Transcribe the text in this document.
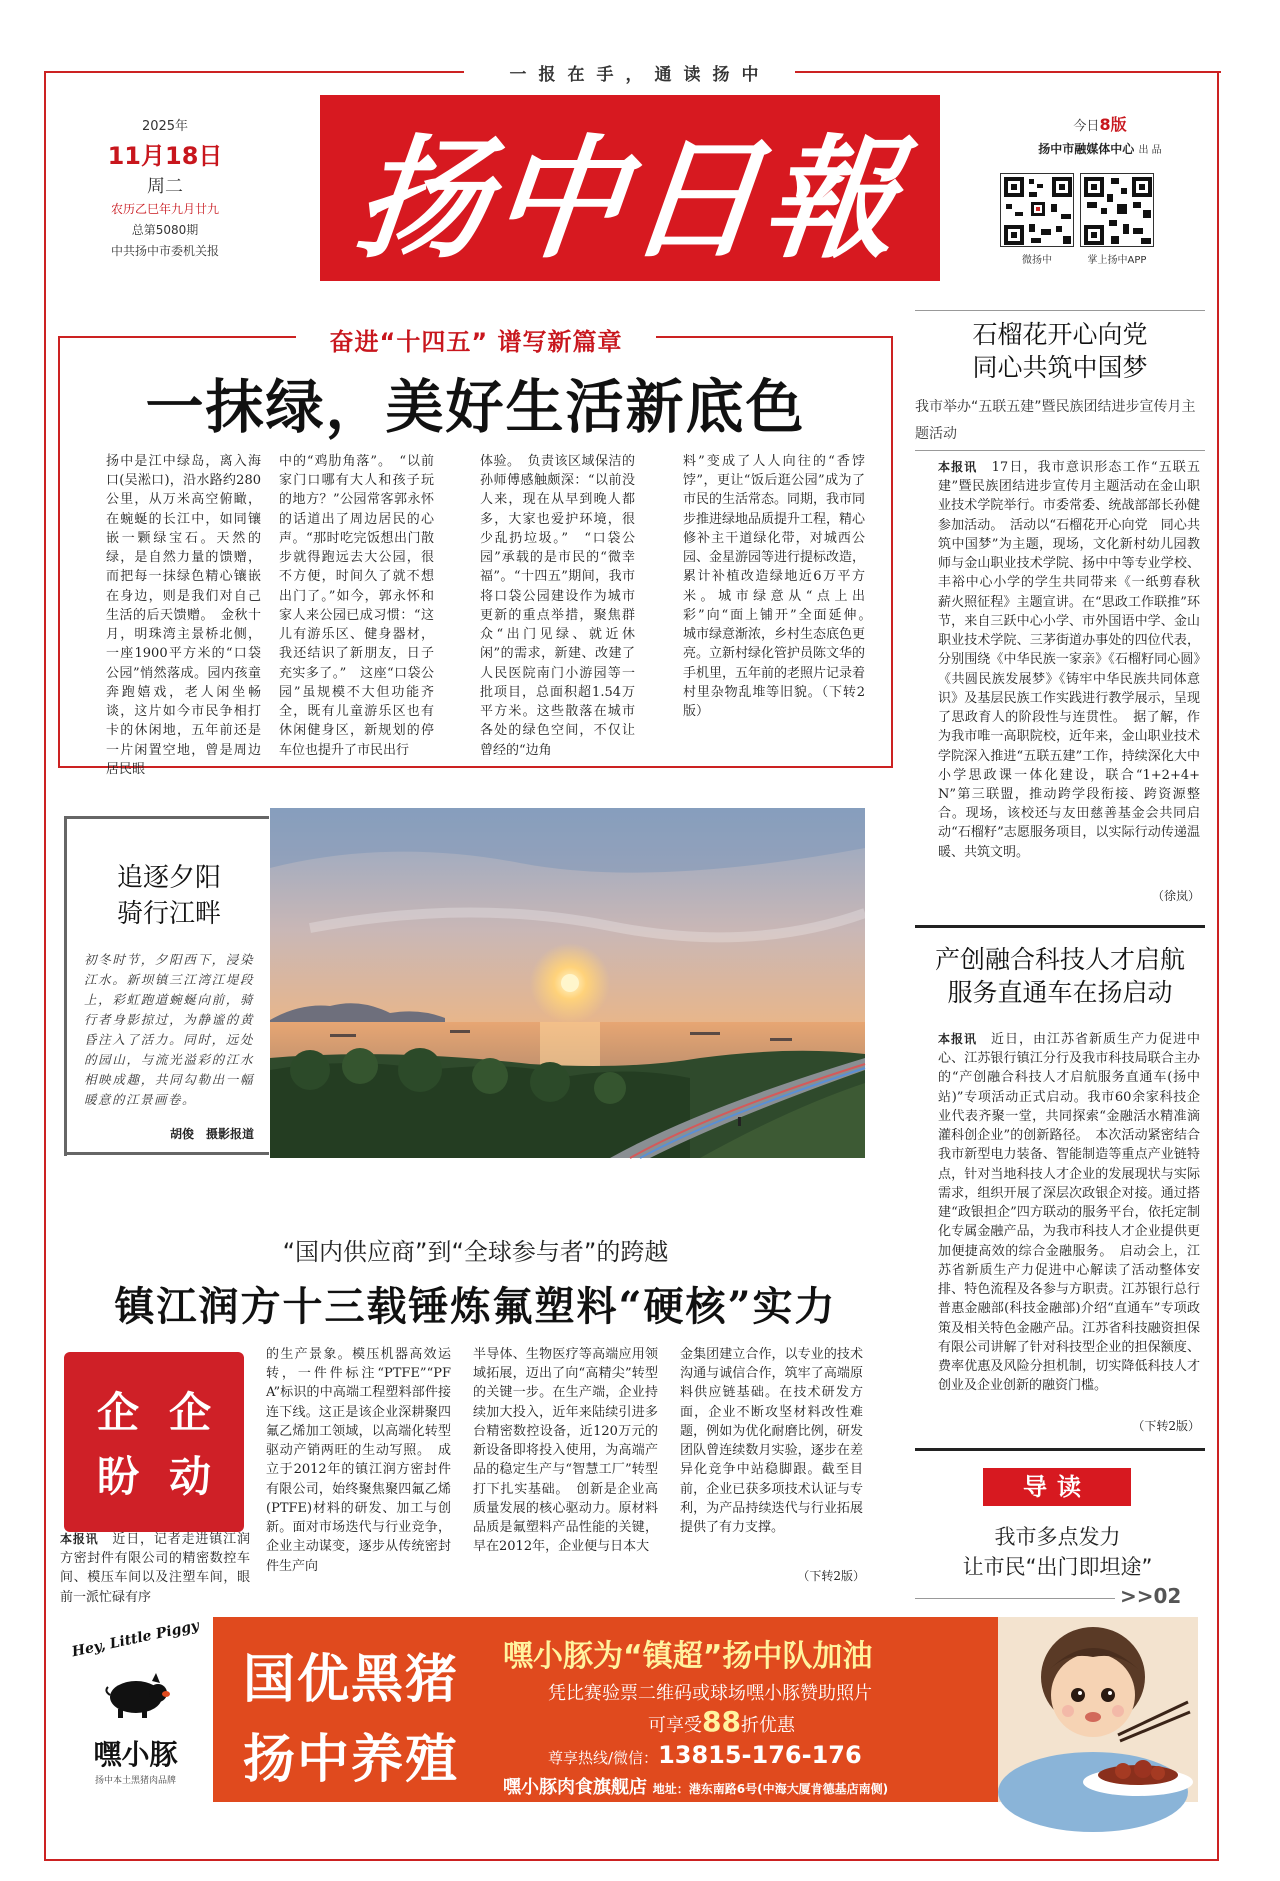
一报在手，通读扬中
2025年
11月18日
周二
农历乙巳年九月廿九
总第5080期
中共扬中市委机关报 扬中日報	今日8版
扬中市融媒体中心 出 品
微扬中	掌上扬中APP
奋进“十四五” 谱写新篇章
一抹绿，美好生活新底色
扬中是江中绿岛，离入海口(吴淞口)，沿水路约280公里，从万米高空俯瞰，在蜿蜒的长江中，如同镶嵌一颗绿宝石。天然的绿，是自然力量的馈赠，而把每一抹绿色精心镶嵌在身边，则是我们对自己生活的后天馈赠。　金秋十月，明珠湾主景桥北侧，一座1900平方米的“口袋公园”悄然落成。园内孩童奔跑嬉戏，老人闲坐畅谈，这片如今市民争相打卡的休闲地，五年前还是一片闲置空地，曾是周边居民眼
中的“鸡肋角落”。　“以前家门口哪有大人和孩子玩的地方？”公园常客郭永怀的话道出了周边居民的心声。“那时吃完饭想出门散步就得跑远去大公园，很不方便，时间久了就不想出门了。”如今，郭永怀和家人来公园已成习惯：“这儿有游乐区、健身器材，我还结识了新朋友，日子充实多了。”　这座“口袋公园”虽规模不大但功能齐全，既有儿童游乐区也有休闲健身区，新规划的停车位也提升了市民出行
体验。　负责该区域保洁的孙师傅感触颇深：“以前没人来，现在从早到晚人都多，大家也爱护环境，很少乱扔垃圾。”　“口袋公园”承载的是市民的“微幸福”。“十四五”期间，我市将口袋公园建设作为城市更新的重点举措，聚焦群众“出门见绿、就近休闲”的需求，新建、改建了人民医院南门小游园等一批项目，总面积超1.54万平方米。这些散落在城市各处的绿色空间，不仅让曾经的“边角
料”变成了人人向往的“香饽饽”，更让“饭后逛公园”成为了市民的生活常态。同期，我市同步推进绿地品质提升工程，精心修补主干道绿化带，对城西公园、金星游园等进行提标改造，累计补植改造绿地近6万平方米。城市绿意从“点上出彩”向“面上铺开”全面延伸。　城市绿意渐浓，乡村生态底色更亮。立新村绿化管护员陈文华的手机里，五年前的老照片记录着村里杂物乱堆等旧貌。（下转2版）
石榴花开心向党
同心共筑中国梦
我市举办“五联五建”暨民族团结进步宣传月主题活动
本报讯　 17日，我市意识形态工作“五联五建”暨民族团结进步宣传月主题活动在金山职业技术学院举行。市委常委、统战部部长孙健参加活动。　活动以“石榴花开心向党　同心共筑中国梦”为主题，现场，文化新村幼儿园教师与金山职业技术学院、扬中中等专业学校、丰裕中心小学的学生共同带来《一纸剪春秋　薪火照征程》主题宣讲。在“思政工作联推”环节，来自三跃中心小学、市外国语中学、金山职业技术学院、三茅街道办事处的四位代表，分别围绕《中华民族一家亲》《石榴籽同心圆》《共圆民族发展梦》《铸牢中华民族共同体意识》及基层民族工作实践进行教学展示，呈现了思政育人的阶段性与连贯性。　据了解，作为我市唯一高职院校，近年来，金山职业技术学院深入推进“五联五建”工作，持续深化大中小学思政课一体化建设，联合“1+2+4+N”第三联盟，推动跨学段衔接、跨资源整合。现场，该校还与友田慈善基金会共同启动“石榴籽”志愿服务项目，以实际行动传递温暖、共筑文明。
（徐岚）
产创融合科技人才启航
服务直通车在扬启动
本报讯　 近日，由江苏省新质生产力促进中心、江苏银行镇江分行及我市科技局联合主办的“产创融合科技人才启航服务直通车(扬中站)”专项活动正式启动。我市60余家科技企业代表齐聚一堂，共同探索“金融活水精准滴灌科创企业”的创新路径。　本次活动紧密结合我市新型电力装备、智能制造等重点产业链特点，针对当地科技人才企业的发展现状与实际需求，组织开展了深层次政银企对接。通过搭建“政银担企”四方联动的服务平台，依托定制化专属金融产品，为我市科技人才企业提供更加便捷高效的综合金融服务。　启动会上，江苏省新质生产力促进中心解读了活动整体安排、特色流程及各参与方职责。江苏银行总行普惠金融部(科技金融部)介绍“直通车”专项政策及相关特色金融产品。江苏省科技融资担保有限公司讲解了针对科技型企业的担保额度、费率优惠及风险分担机制，切实降低科技人才创业及企业创新的融资门槛。
（下转2版）
追逐夕阳
骑行江畔
初冬时节，夕阳西下，浸染江水。新坝镇三江湾江堤段上，彩虹跑道蜿蜒向前，骑行者身影掠过，为静谧的黄昏注入了活力。同时，远处的园山，与流光溢彩的江水相映成趣，共同勾勒出一幅暖意的江景画卷。
胡俊　摄影报道
“国内供应商”到“全球参与者”的跨越
镇江润方十三载锤炼氟塑料“硬核”实力
企 企
盼 动
本报讯　 近日，记者走进镇江润方密封件有限公司的精密数控车间、模压车间以及注塑车间，眼前一派忙碌有序
的生产景象。模压机器高效运转，一件件标注“PTFE”“PFA”标识的中高端工程塑料部件接连下线。这正是该企业深耕聚四氟乙烯加工领域，以高端化转型驱动产销两旺的生动写照。　成立于2012年的镇江润方密封件有限公司，始终聚焦聚四氟乙烯(PTFE)材料的研发、加工与创新。面对市场迭代与行业竞争，企业主动谋变，逐步从传统密封件生产向
半导体、生物医疗等高端应用领域拓展，迈出了向“高精尖”转型的关键一步。在生产端，企业持续加大投入，近年来陆续引进多台精密数控设备，近120万元的新设备即将投入使用，为高端产品的稳定生产与“智慧工厂”转型打下扎实基础。　创新是企业高质量发展的核心驱动力。原材料品质是氟塑料产品性能的关键，早在2012年，企业便与日本大
金集团建立合作，以专业的技术沟通与诚信合作，筑牢了高端原料供应链基础。在技术研发方面，企业不断攻坚材料改性难题，例如为优化耐磨比例，研发团队曾连续数月实验，逐步在差异化竞争中站稳脚跟。截至目前，企业已获多项技术认证与专利，为产品持续迭代与行业拓展提供了有力支撑。
（下转2版）
导读
我市多点发力
让市民“出门即坦途”
>>02
Hey, Little Piggy
嘿小豚
扬中本土黑猪肉品牌
国优黑猪
扬中养殖
嘿小豚为“镇超”扬中队加油
凭比赛验票二维码或球场嘿小豚赞助照片
可享受88折优惠
尊享热线/微信：13815-176-176
嘿小豚肉食旗舰店 地址：港东南路6号(中海大厦肯德基店南侧)
